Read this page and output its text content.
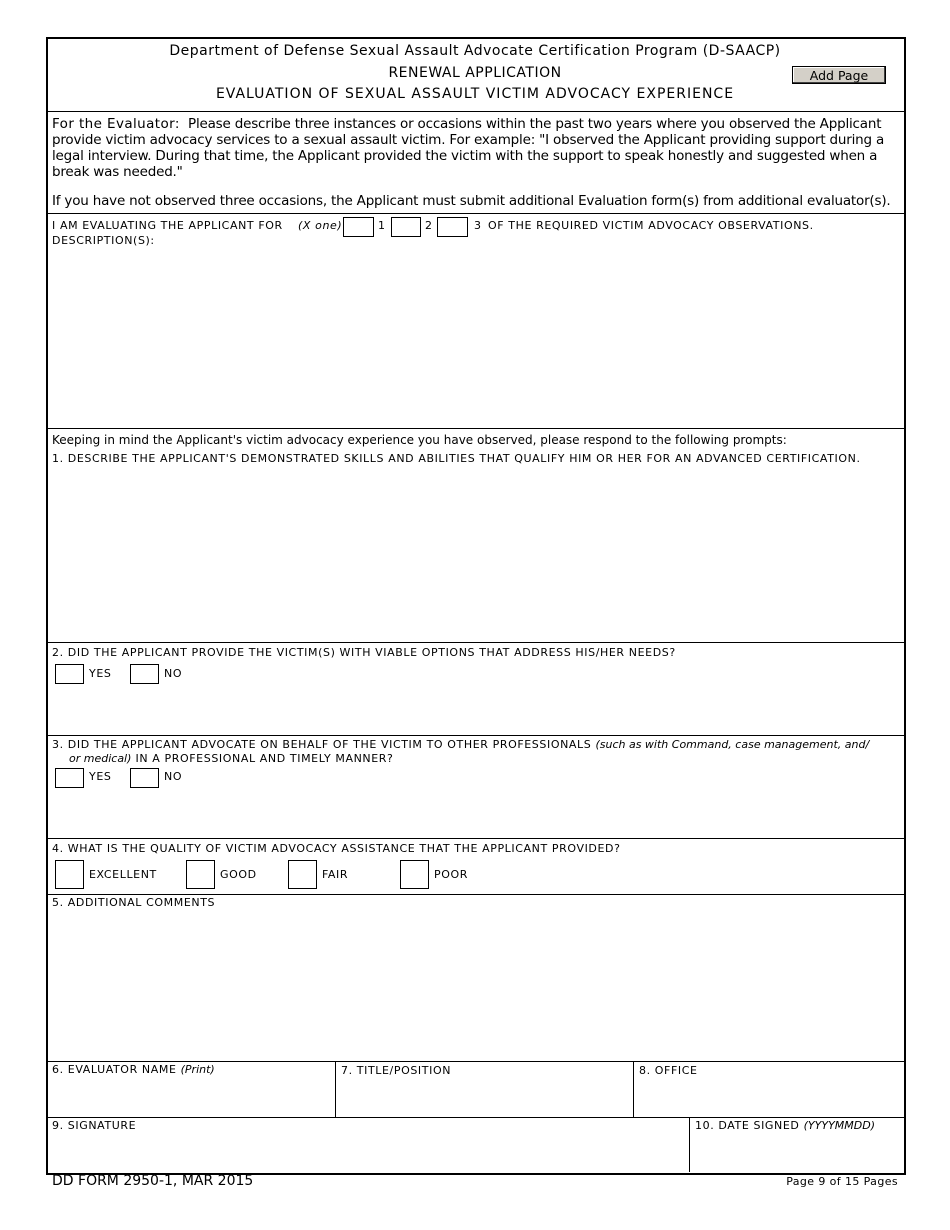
Department of Defense Sexual Assault Advocate Certification Program (D-SAACP)
RENEWAL APPLICATION
EVALUATION OF SEXUAL ASSAULT VICTIM ADVOCACY EXPERIENCE
Add Page
For the Evaluator: Please describe three instances or occasions within the past two years where you observed the Applicant provide victim advocacy services to a sexual assault victim. For example: "I observed the Applicant providing support during a legal interview. During that time, the Applicant provided the victim with the support to speak honestly and suggested when a break was needed."
If you have not observed three occasions, the Applicant must submit additional Evaluation form(s) from additional evaluator(s).
I AM EVALUATING THE APPLICANT FOR (X one)	1	2	3 OF THE REQUIRED VICTIM ADVOCACY OBSERVATIONS.
DESCRIPTION(S):
Keeping in mind the Applicant's victim advocacy experience you have observed, please respond to the following prompts:
1. DESCRIBE THE APPLICANT'S DEMONSTRATED SKILLS AND ABILITIES THAT QUALIFY HIM OR HER FOR AN ADVANCED CERTIFICATION.
2. DID THE APPLICANT PROVIDE THE VICTIM(S) WITH VIABLE OPTIONS THAT ADDRESS HIS/HER NEEDS?
YES	NO
3. DID THE APPLICANT ADVOCATE ON BEHALF OF THE VICTIM TO OTHER PROFESSIONALS (such as with Command, case management, and/
or medical) IN A PROFESSIONAL AND TIMELY MANNER?
YES	NO
4. WHAT IS THE QUALITY OF VICTIM ADVOCACY ASSISTANCE THAT THE APPLICANT PROVIDED?
EXCELLENT	GOOD	FAIR	POOR
5. ADDITIONAL COMMENTS
6. EVALUATOR NAME (Print)	7. TITLE/POSITION	8. OFFICE
9. SIGNATURE	10. DATE SIGNED (YYYYMMDD)
DD FORM 2950-1, MAR 2015	Page 9 of 15 Pages
